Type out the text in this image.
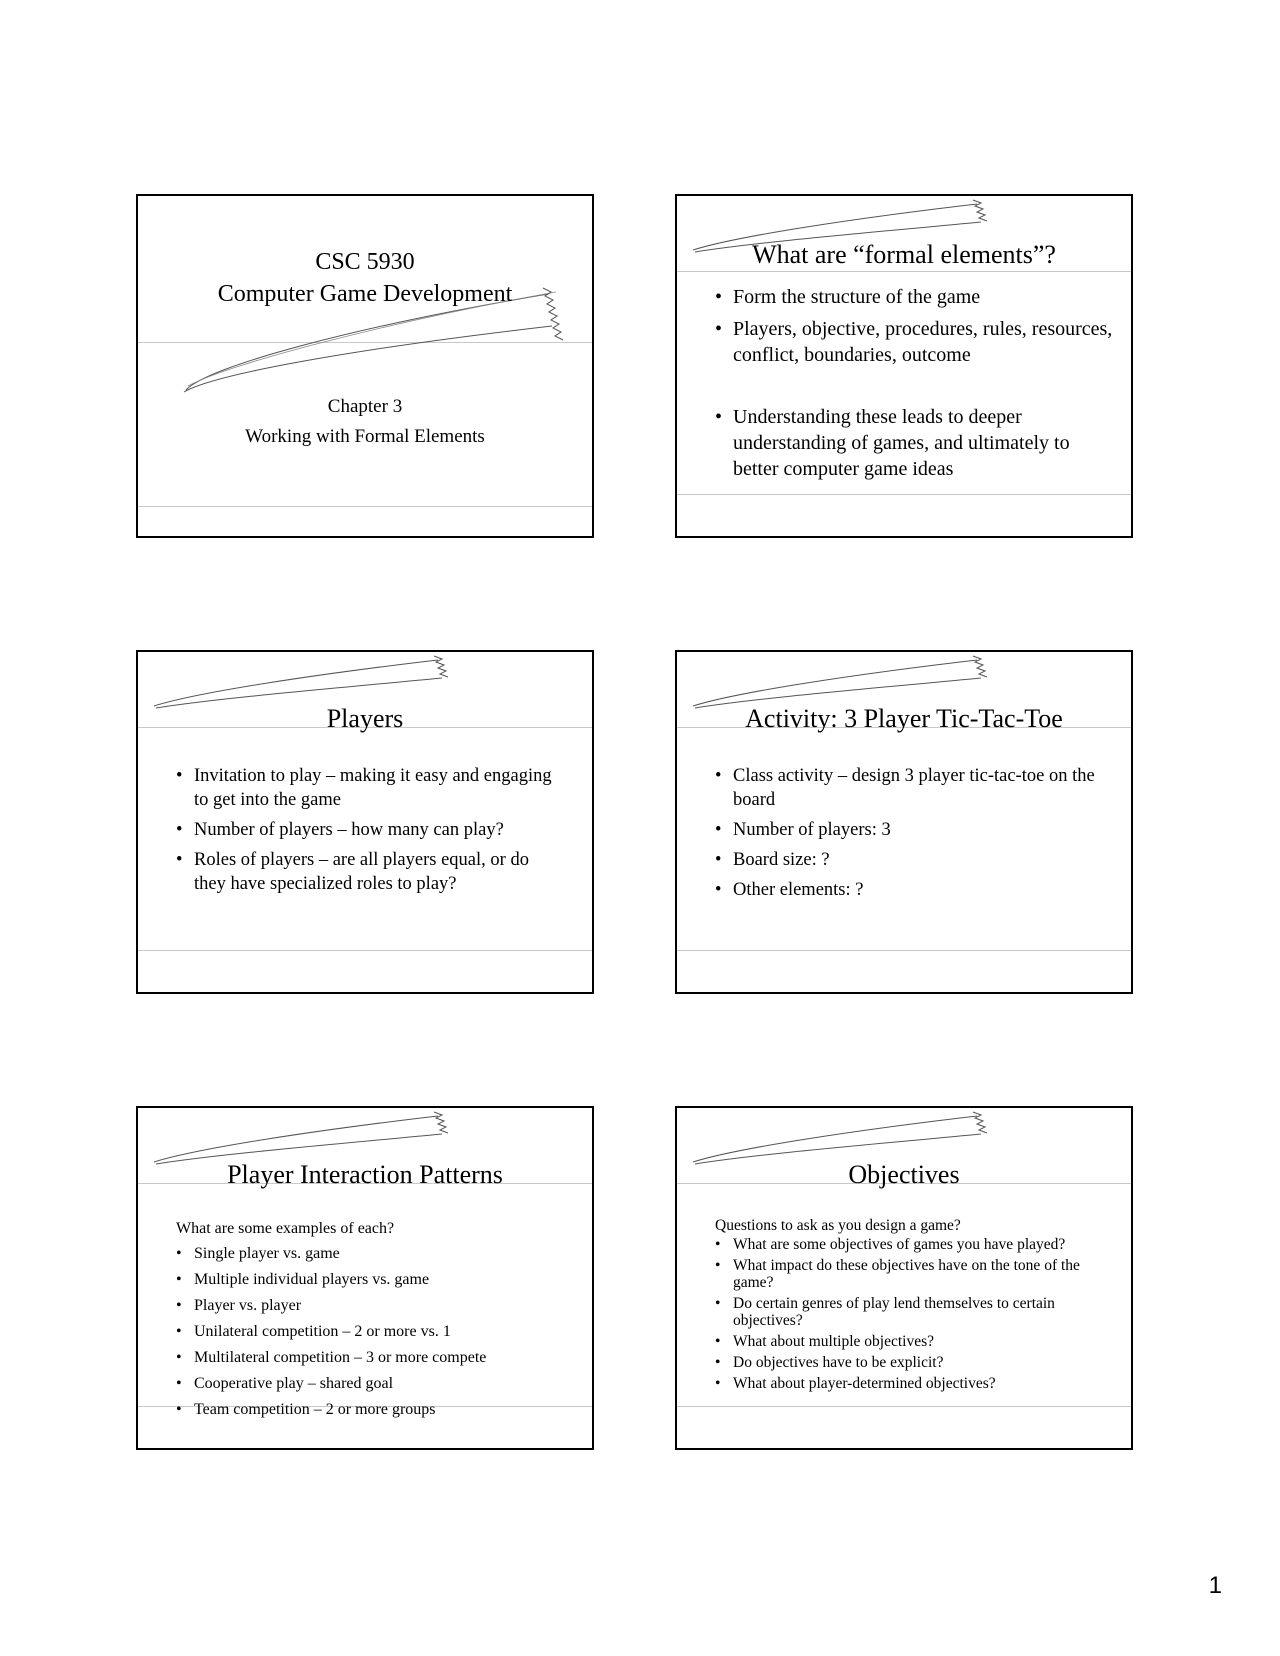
CSC 5930
Computer Game Development
Chapter 3
Working with Formal Elements
What are “formal elements”?
• Form the structure of the game
• Players, objective, procedures, rules, resources, conflict, boundaries, outcome
• Understanding these leads to deeper understanding of games, and ultimately to better computer game ideas
Players
• Invitation to play – making it easy and engaging to get into the game
• Number of players – how many can play?
• Roles of players – are all players equal, or do they have specialized roles to play?
Activity: 3 Player Tic-Tac-Toe
• Class activity – design 3 player tic-tac-toe on the board
• Number of players: 3
• Board size: ?
• Other elements: ?
Player Interaction Patterns
What are some examples of each?
• Single player vs. game
• Multiple individual players vs. game
• Player vs. player
• Unilateral competition – 2 or more vs. 1
• Multilateral competition – 3 or more compete
• Cooperative play – shared goal
• Team competition – 2 or more groups
Objectives
Questions to ask as you design a game?
• What are some objectives of games you have played?
• What impact do these objectives have on the tone of the game?
• Do certain genres of play lend themselves to certain objectives?
• What about multiple objectives?
• Do objectives have to be explicit?
• What about player-determined objectives?
1
